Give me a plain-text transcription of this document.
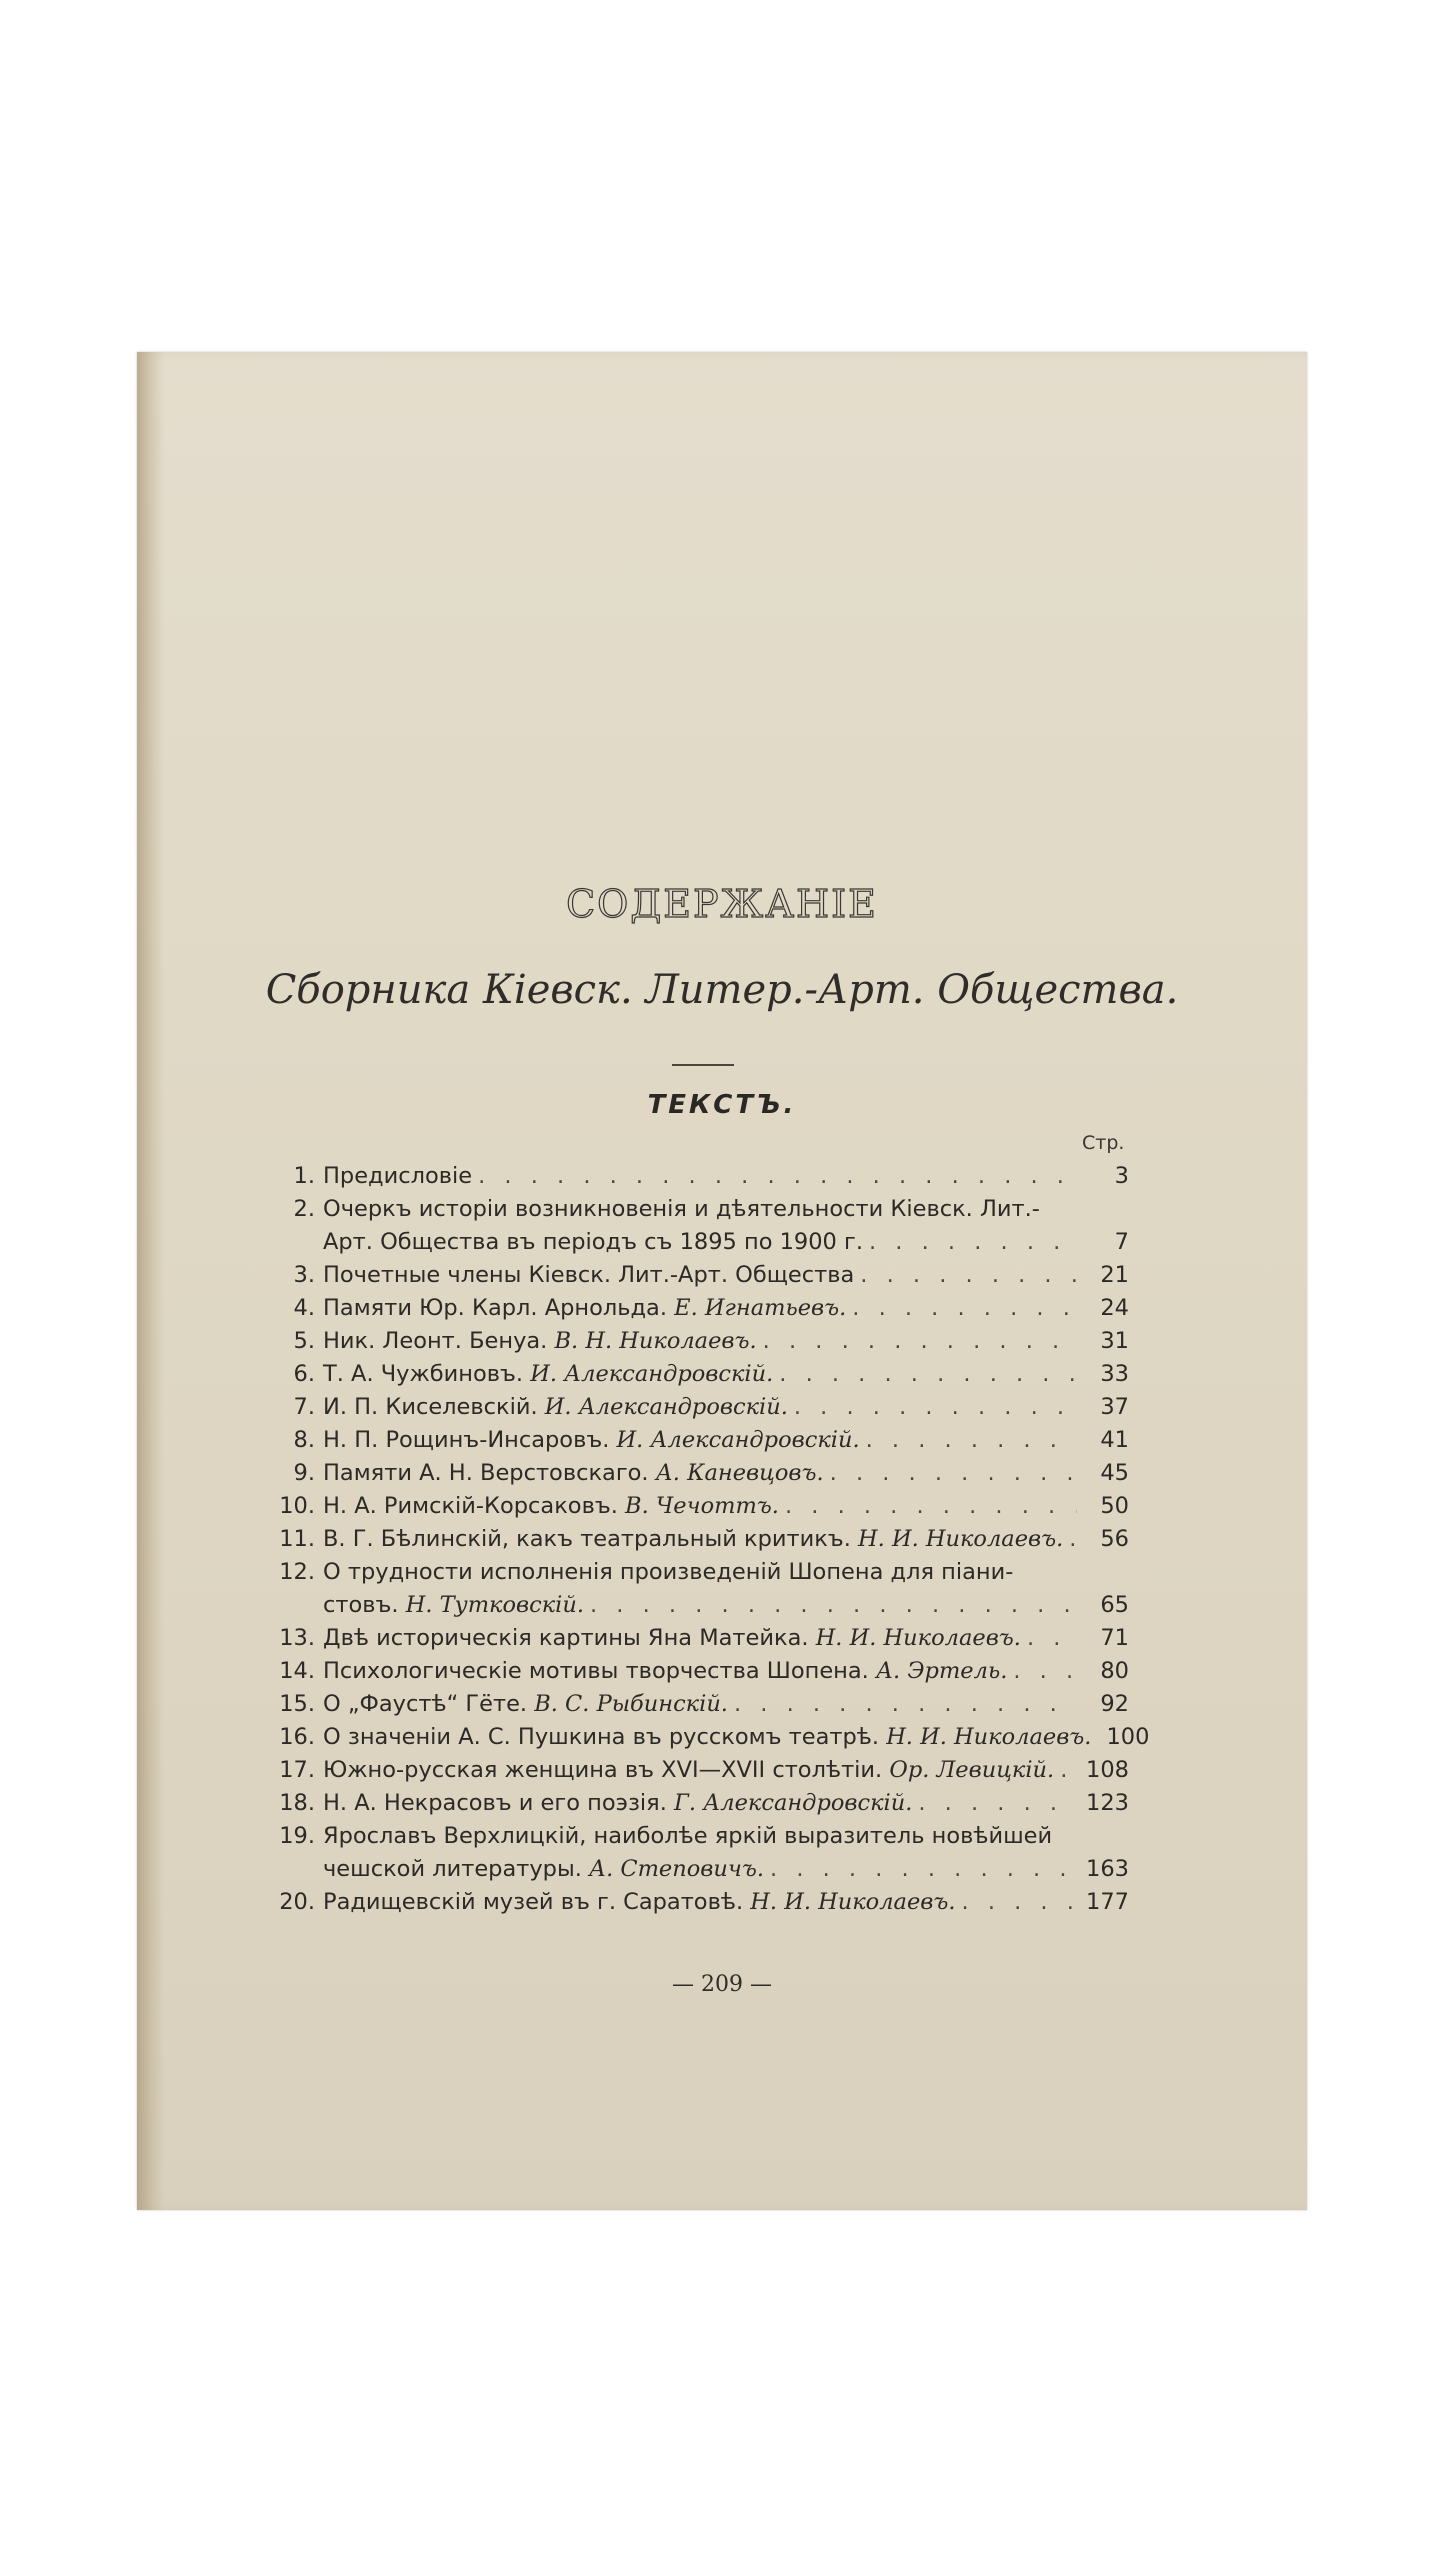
СОДЕРЖАНІЕ
Сборника Кіевск. Литер.-Арт. Общества.
ТЕКСТЪ.
Стр.
1. Предисловіе . . .	3
2. Очеркъ исторіи возникновенія и дѣятельности Кіевск. Лит.-
Арт. Общества въ періодъ съ 1895 по 1900 г. . . .	7
3. Почетные члены Кіевск. Лит.-Арт. Общества . . .	21
4. Памяти Юр. Карл. Арнольда. Е. Игнатьевъ. . . .	24
5. Ник. Леонт. Бенуа. В. Н. Николаевъ. . . .	31
6. Т. А. Чужбиновъ. И. Александровскій. . . .	33
7. И. П. Киселевскій. И. Александровскій. . . .	37
8. Н. П. Рощинъ-Инсаровъ. И. Александровскій. . . .	41
9. Памяти А. Н. Верстовскаго. А. Каневцовъ. . . .	45
10. Н. А. Римскій-Корсаковъ. В. Чечоттъ. . . .	50
11. В. Г. Бѣлинскій, какъ театральный критикъ. Н. И. Николаевъ. . . .	56
12. О трудности исполненія произведеній Шопена для піани-
стовъ. Н. Тутковскій. . . .	65
13. Двѣ историческія картины Яна Матейка. Н. И. Николаевъ. . . .	71
14. Психологическіе мотивы творчества Шопена. А. Эртель. . . .	80
15. О „Фаустѣ“ Гёте. В. С. Рыбинскій. . . .	92
16. О значеніи А. С. Пушкина въ русскомъ театрѣ. Н. И. Николаевъ. 100
17. Южно-русская женщина въ XVI—XVII столѣтіи. Ор. Левицкій. . . . 108
18. Н. А. Некрасовъ и его поэзія. Г. Александровскій. . . .	123
19. Ярославъ Верхлицкій, наиболѣе яркій выразитель новѣйшей
чешской литературы. А. Степовичъ. . . .	163
20. Радищевскій музей въ г. Саратовѣ. Н. И. Николаевъ. . . .	177
— 209 —
